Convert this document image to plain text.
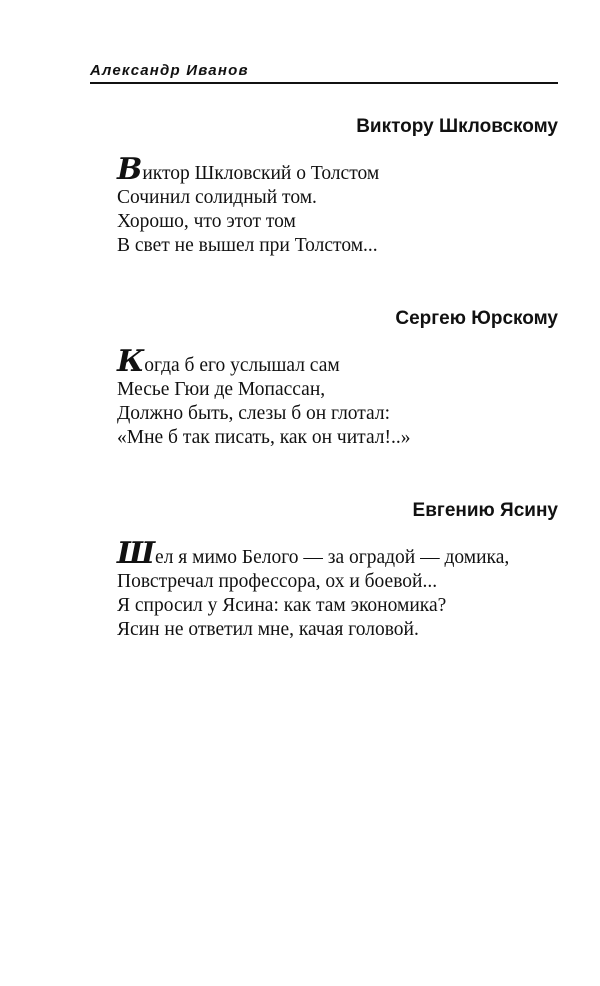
Александр Иванов
Виктору Шкловскому
Виктор Шкловский о Толстом
Сочинил солидный том.
Хорошо, что этот том
В свет не вышел при Толстом...
Сергею Юрскому
Когда б его услышал сам
Месье Гюи де Мопассан,
Должно быть, слезы б он глотал:
«Мне б так писать, как он читал!..»
Евгению Ясину
Шел я мимо Белого — за оградой — домика,
Повстречал профессора, ох и боевой...
Я спросил у Ясина: как там экономика?
Ясин не ответил мне, качая головой.
